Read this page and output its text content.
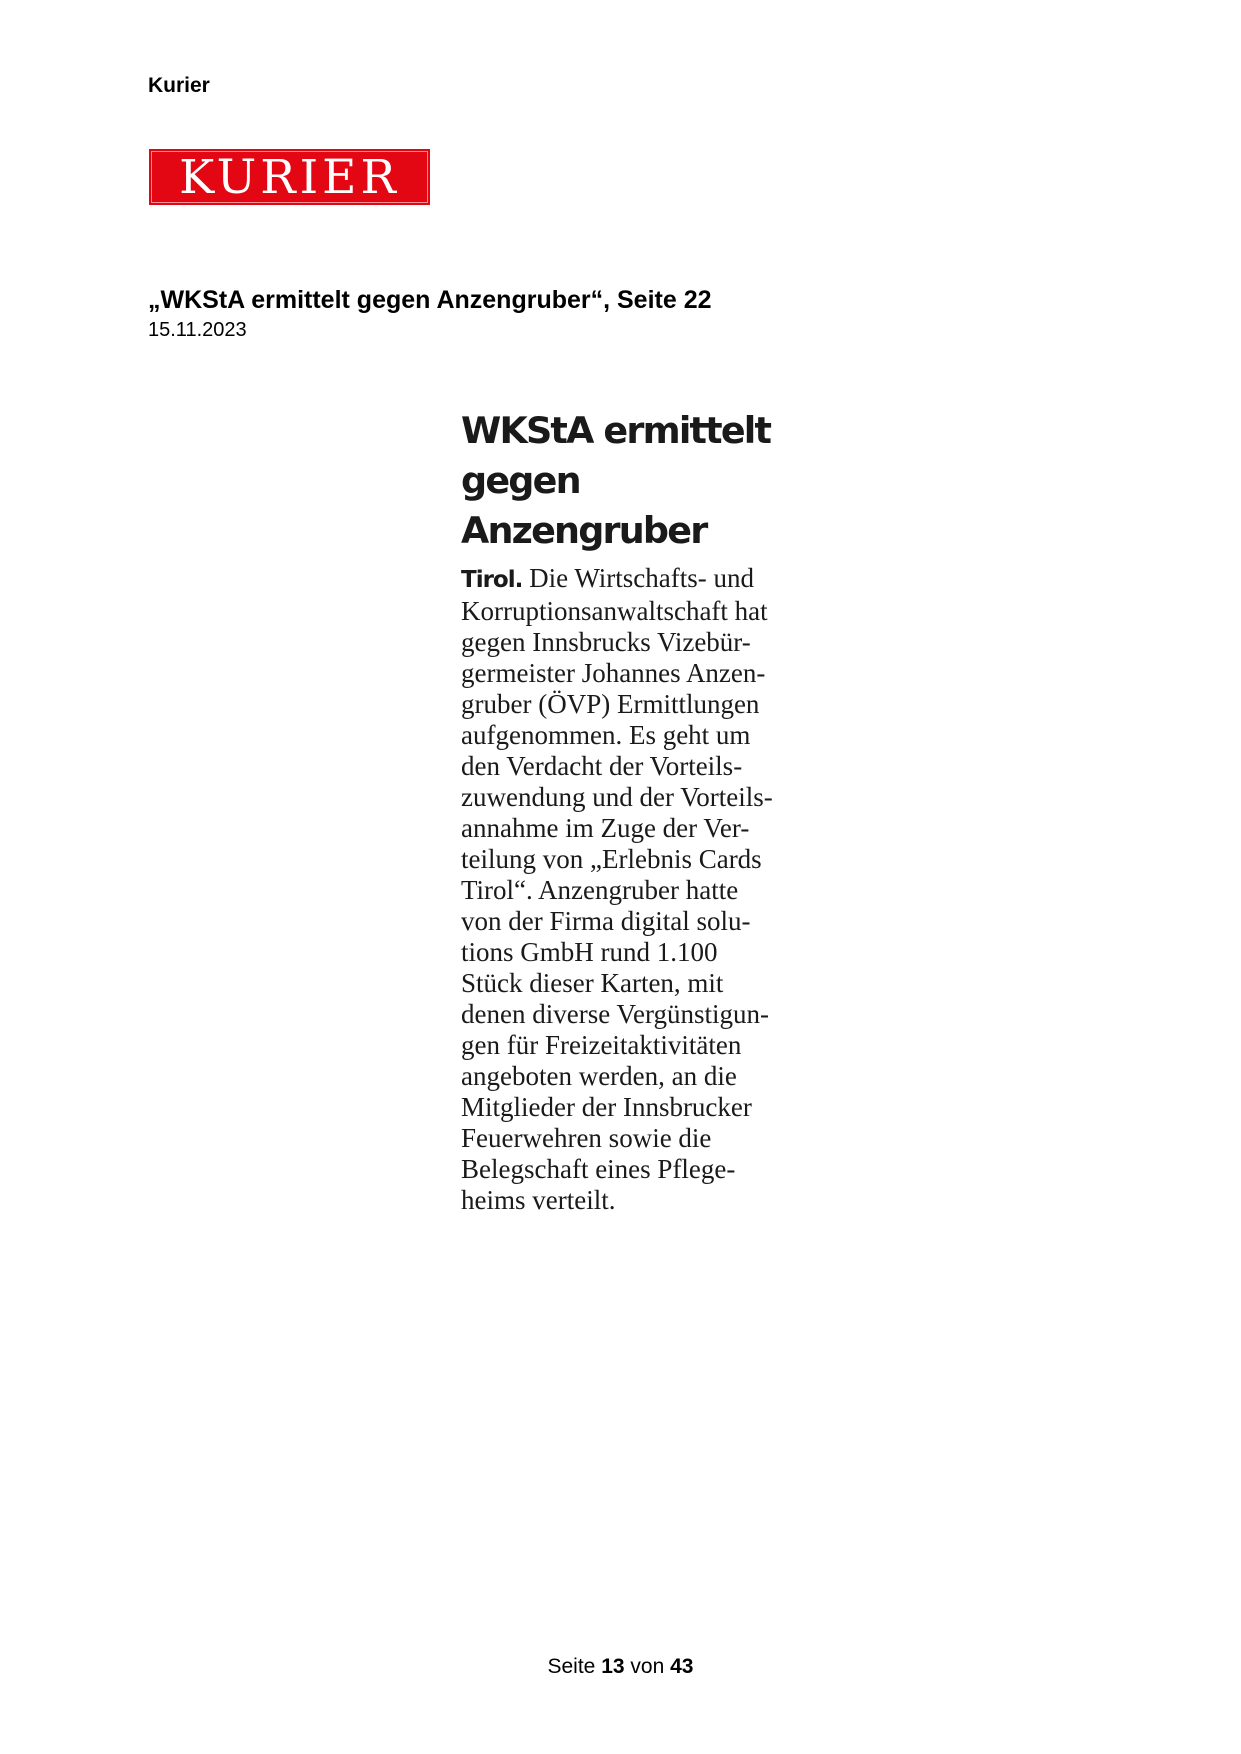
Kurier
KURIER
„WKStA ermittelt gegen Anzengruber“, Seite 22
15.11.2023
WKStA ermittelt
gegen Anzengruber
Tirol. Die Wirtschafts- und
Korruptionsanwaltschaft hat
gegen Innsbrucks Vizebür-
germeister Johannes Anzen-
gruber (ÖVP) Ermittlungen
aufgenommen. Es geht um
den Verdacht der Vorteils-
zuwendung und der Vorteils-
annahme im Zuge der Ver-
teilung von „Erlebnis Cards
Tirol“. Anzengruber hatte
von der Firma digital solu-
tions GmbH rund 1.100
Stück dieser Karten, mit
denen diverse Vergünstigun-
gen für Freizeitaktivitäten
angeboten werden, an die
Mitglieder der Innsbrucker
Feuerwehren sowie die
Belegschaft eines Pflege-
heims verteilt.
Seite 13 von 43
